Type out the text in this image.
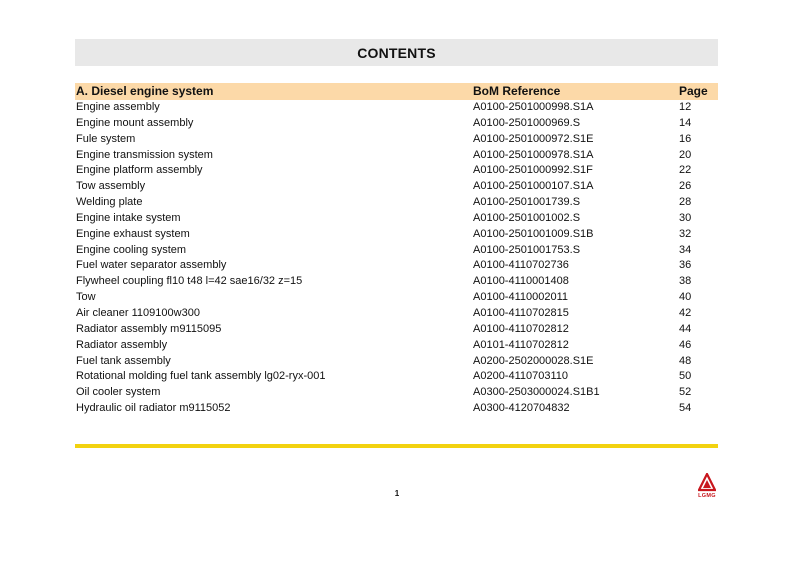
CONTENTS
A. Diesel engine system	BoM Reference	Page
Engine assembly	A0100-2501000998.S1A	12
Engine mount assembly	A0100-2501000969.S	14
Fule system	A0100-2501000972.S1E	16
Engine transmission system	A0100-2501000978.S1A	20
Engine platform assembly	A0100-2501000992.S1F	22
Tow assembly	A0100-2501000107.S1A	26
Welding plate	A0100-2501001739.S	28
Engine intake system	A0100-2501001002.S	30
Engine exhaust system	A0100-2501001009.S1B	32
Engine cooling system	A0100-2501001753.S	34
Fuel water separator assembly	A0100-4110702736	36
Flywheel coupling fl10 t48 l=42 sae16/32 z=15	A0100-4110001408	38
Tow	A0100-4110002011	40
Air cleaner 1109100w300	A0100-4110702815	42
Radiator assembly m9115095	A0100-4110702812	44
Radiator assembly	A0101-4110702812	46
Fuel tank assembly	A0200-2502000028.S1E	48
Rotational molding fuel tank assembly lg02-ryx-001	A0200-4110703110	50
Oil cooler system	A0300-2503000024.S1B1	52
Hydraulic oil radiator m9115052	A0300-4120704832	54
1	LGMG
